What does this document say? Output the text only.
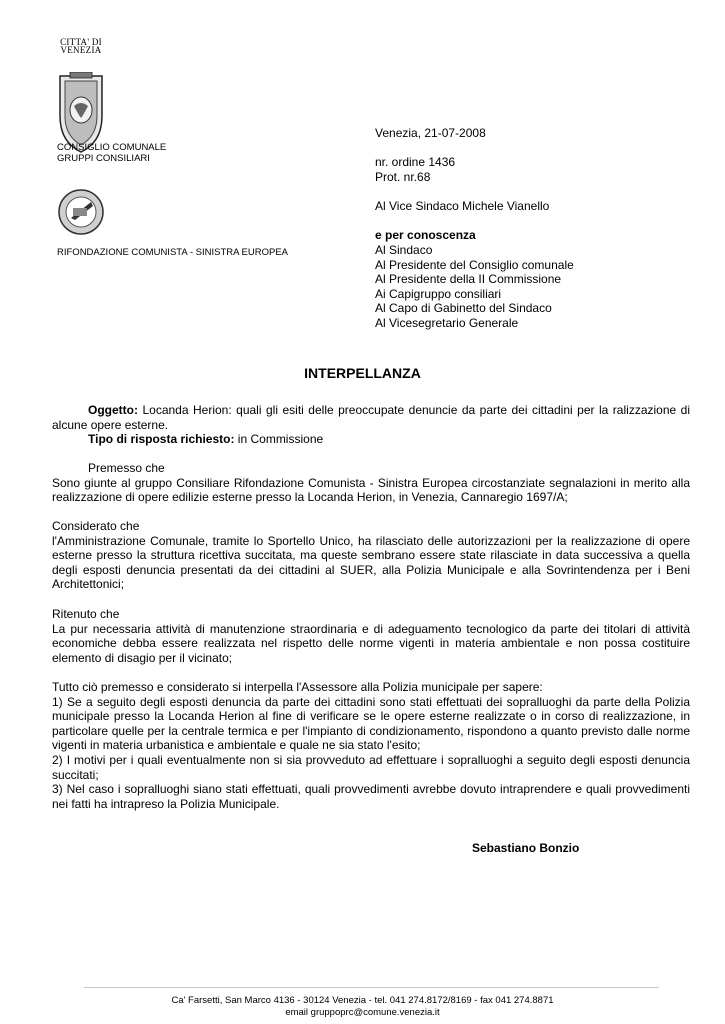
CITTA' DI VENEZIA
CONSIGLIO COMUNALE
GRUPPI CONSILIARI
RIFONDAZIONE COMUNISTA - SINISTRA EUROPEA
Venezia, 21-07-2008
nr. ordine 1436
Prot. nr.68
Al Vice Sindaco Michele Vianello
e per conoscenza
Al Sindaco
Al Presidente del Consiglio comunale
Al Presidente della II Commissione
Ai Capigruppo consiliari
Al Capo di Gabinetto del Sindaco
Al Vicesegretario Generale
INTERPELLANZA

Oggetto: Locanda Herion: quali gli esiti delle preoccupate denuncie da parte dei cittadini per la ralizzazione di alcune opere esterne.

Tipo di risposta richiesto: in Commissione

Premesso che

Sono giunte al gruppo Consiliare Rifondazione Comunista - Sinistra Europea circostanziate segnalazioni in merito alla realizzazione di opere edilizie esterne presso la Locanda Herion, in Venezia, Cannaregio 1697/A;

Considerato che

l'Amministrazione Comunale, tramite lo Sportello Unico, ha rilasciato delle autorizzazioni per la realizzazione di opere esterne presso la struttura ricettiva succitata, ma queste sembrano essere state rilasciate in data successiva a quella degli esposti denuncia presentati da dei cittadini al SUER, alla Polizia Municipale e alla Sovrintendenza per i Beni Architettonici;

Ritenuto che

La pur necessaria attività di manutenzione straordinaria e di adeguamento tecnologico da parte dei titolari di attività economiche debba essere realizzata nel rispetto delle norme vigenti in materia ambientale e non possa costituire elemento di disagio per il vicinato;

Tutto ciò premesso e considerato si interpella l'Assessore alla Polizia municipale per sapere:

1) Se a seguito degli esposti denuncia da parte dei cittadini sono stati effettuati dei sopralluoghi da parte della Polizia municipale presso la Locanda Herion al fine di verificare se le opere esterne realizzate o in corso di realizzazione, in particolare quelle per la centrale termica e per l'impianto di condizionamento, rispondono a quanto previsto dalle norme vigenti in materia urbanistica e ambientale e quale ne sia stato l'esito;

2) I motivi per i quali eventualmente non si sia provveduto ad effettuare i sopralluoghi a seguito degli esposti denuncia succitati;

3) Nel caso i sopralluoghi siano stati effettuati, quali provvedimenti avrebbe dovuto intraprendere e quali provvedimenti nei fatti ha intrapreso la Polizia Municipale.

Sebastiano Bonzio
Ca' Farsetti, San Marco 4136 - 30124 Venezia - tel. 041 274.8172/8169 - fax 041 274.8871
email gruppoprc@comune.venezia.it
